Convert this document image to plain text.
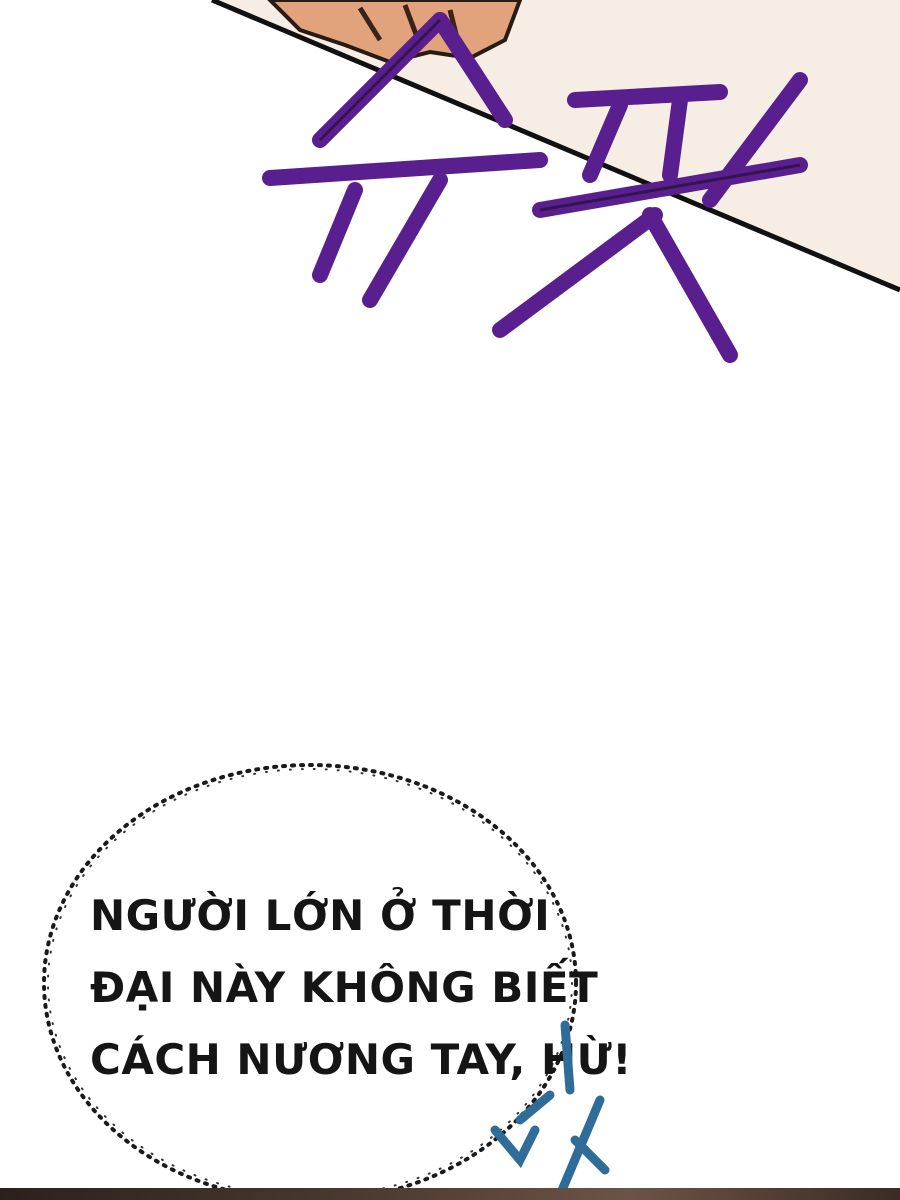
NGƯỜI LỚN Ở THỜI
ĐẠI NÀY KHÔNG BIẾT
CÁCH NƯƠNG TAY, HỪ!
